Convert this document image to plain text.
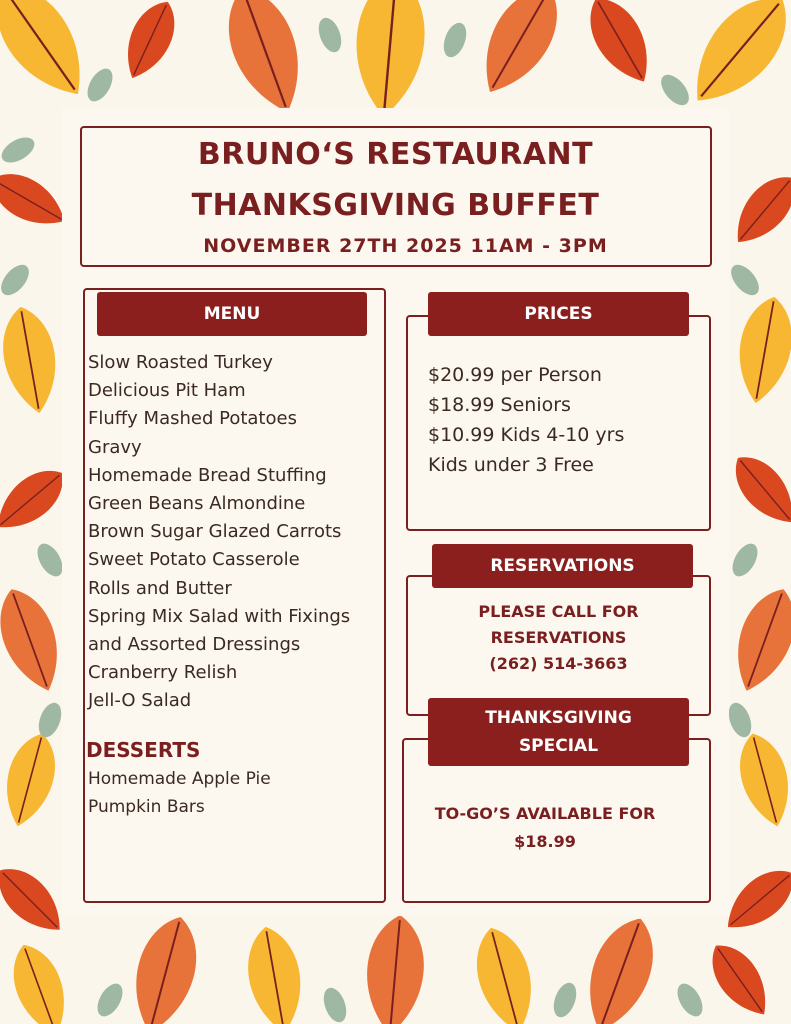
BRUNO‘S RESTAURANT
THANKSGIVING BUFFET
NOVEMBER 27TH 2025 11AM - 3PM
MENU
Slow Roasted Turkey
Delicious Pit Ham
Fluffy Mashed Potatoes
Gravy
Homemade Bread Stuffing
Green Beans Almondine
Brown Sugar Glazed Carrots
Sweet Potato Casserole
Rolls and Butter
Spring Mix Salad with Fixings
and Assorted Dressings
Cranberry Relish
Jell-O Salad
DESSERTS
Homemade Apple Pie
Pumpkin Bars
PRICES
$20.99 per Person
$18.99 Seniors
$10.99 Kids 4-10 yrs
Kids under 3 Free
RESERVATIONS
PLEASE CALL FOR
RESERVATIONS
(262) 514-3663
THANKSGIVING
SPECIAL
TO-GO’S AVAILABLE FOR
$18.99
